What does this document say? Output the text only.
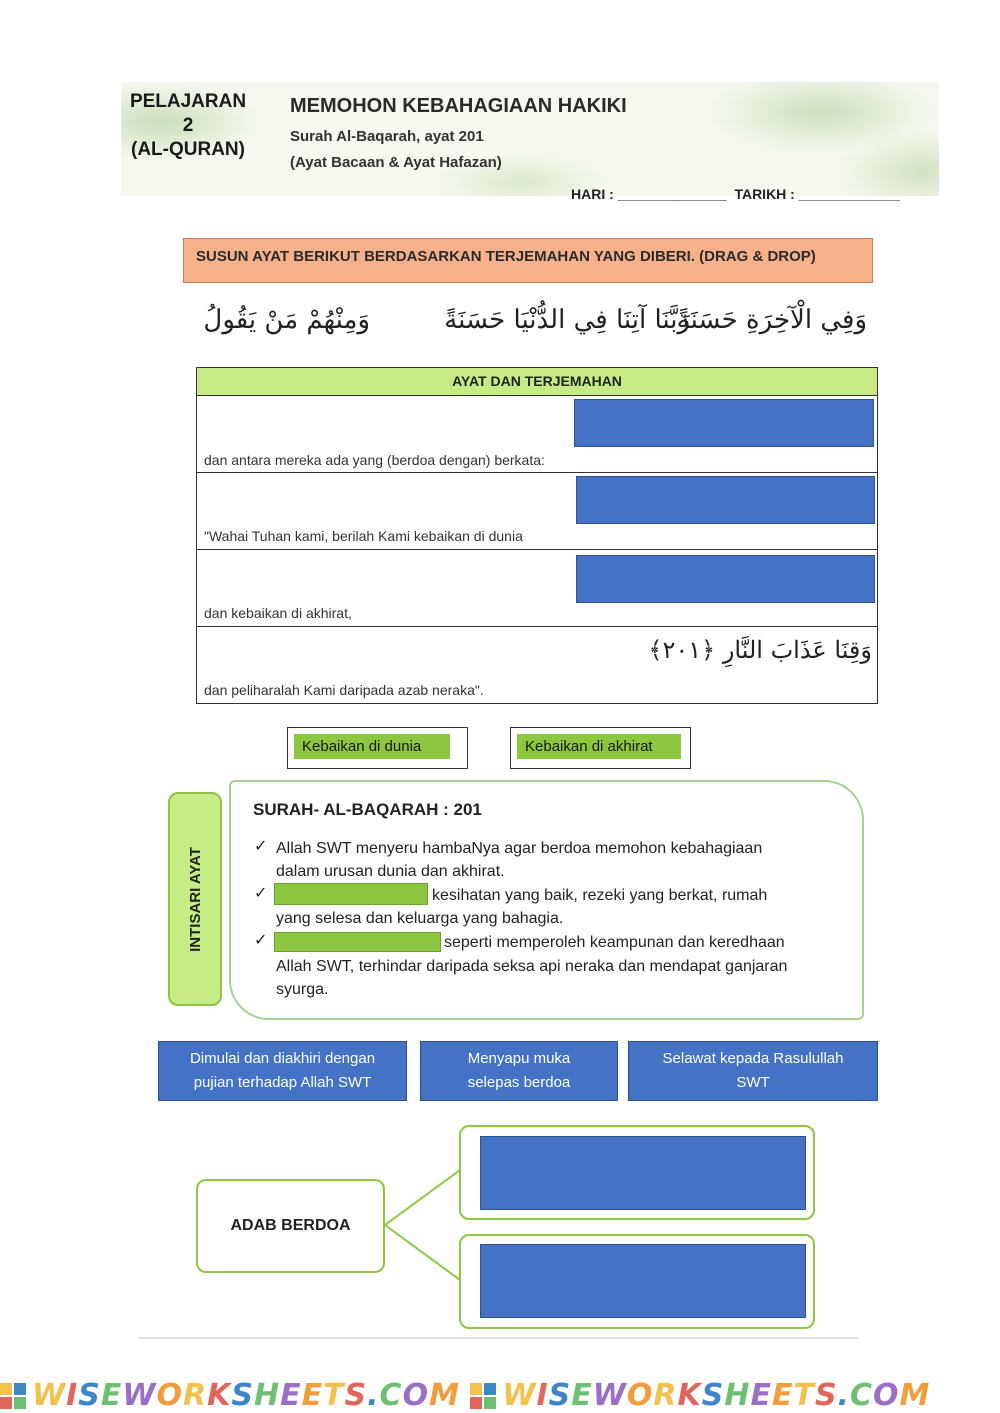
PELAJARAN
2
(AL-QURAN)
MEMOHON KEBAHAGIAAN HAKIKI
Surah Al-Baqarah, ayat 201
(Ayat Bacaan & Ayat Hafazan)
HARI : ______________  TARIKH : _____________
SUSUN AYAT BERIKUT BERDASARKAN TERJEMAHAN YANG DIBERI. (DRAG & DROP)
وَفِي الْآخِرَةِ حَسَنَةً
رَبَّنَا آتِنَا فِي الدُّنْيَا حَسَنَةً
وَمِنْهُمْ مَنْ يَقُولُ
AYAT DAN TERJEMAHAN
dan antara mereka ada yang (berdoa dengan) berkata:
"Wahai Tuhan kami, berilah Kami kebaikan di dunia
dan kebaikan di akhirat,
وَقِنَا عَذَابَ النَّارِ ﴿٢٠١﴾
dan peliharalah Kami daripada azab neraka".
Kebaikan di dunia	Kebaikan di akhirat
INTISARI AYAT
SURAH- AL-BAQARAH : 201
✓ Allah SWT menyeru hambaNya agar berdoa memohon kebahagiaan
dalam urusan dunia dan akhirat.
✓	kesihatan yang baik, rezeki yang berkat, rumah
yang selesa dan keluarga yang bahagia.
✓	seperti memperoleh keampunan dan keredhaan
Allah SWT, terhindar daripada seksa api neraka dan mendapat ganjaran
syurga.
Dimulai dan diakhiri dengan
pujian terhadap Allah SWT
Menyapu muka
selepas berdoa
Selawat kepada Rasulullah
SWT
ADAB BERDOA
WISEWORKSHEETS.COM WISEWORKSHEETS.COM
